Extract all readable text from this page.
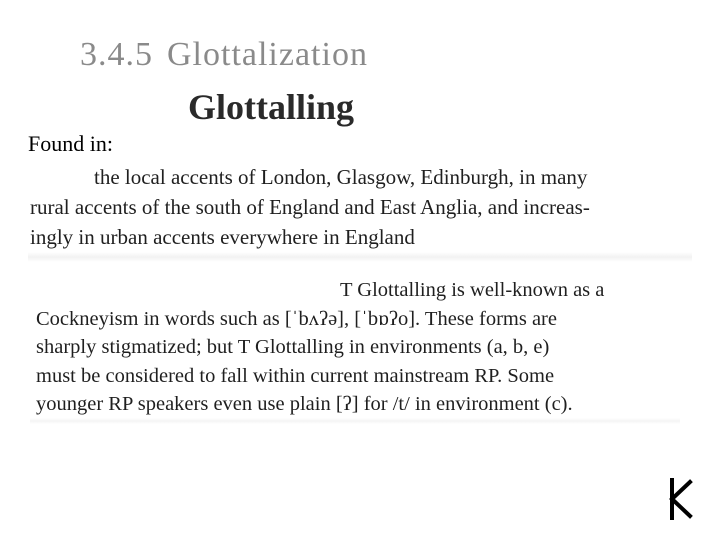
3.4.5 Glottalization
Glottalling
Found in:
the local accents of London, Glasgow, Edinburgh, in many
rural accents of the south of England and East Anglia, and increas-
ingly in urban accents everywhere in England
T Glottalling is well-known as a
Cockneyism in words such as [ˈbʌʔə], [ˈbɒʔo]. These forms are
sharply stigmatized; but T Glottalling in environments (a, b, e)
must be considered to fall within current mainstream RP. Some
younger RP speakers even use plain [ʔ] for /t/ in environment (c).
